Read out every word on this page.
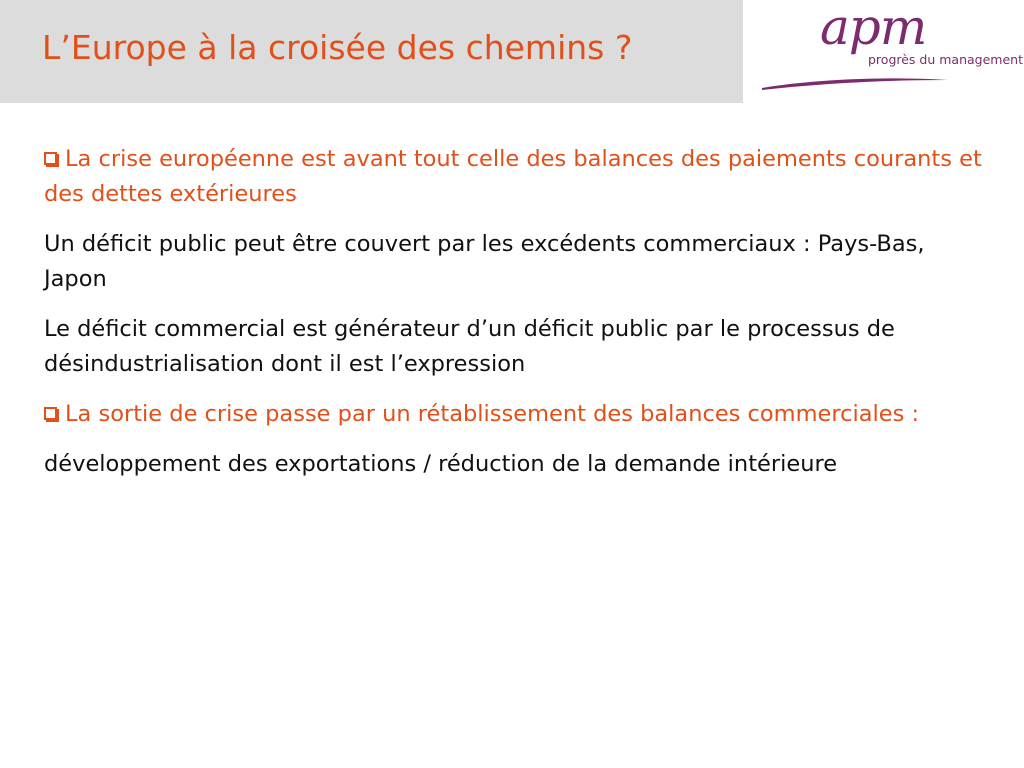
L’Europe à la croisée des chemins ?	apm
progrès du management

La crise européenne est avant tout celle des balances des paiements courants et des dettes extérieures

Un déficit public peut être couvert par les excédents commerciaux : Pays-Bas, Japon

Le déficit commercial est générateur d’un déficit public par le processus de désindustrialisation dont il est l’expression

La sortie de crise passe par un rétablissement des balances commerciales :

développement des exportations / réduction de la demande intérieure
